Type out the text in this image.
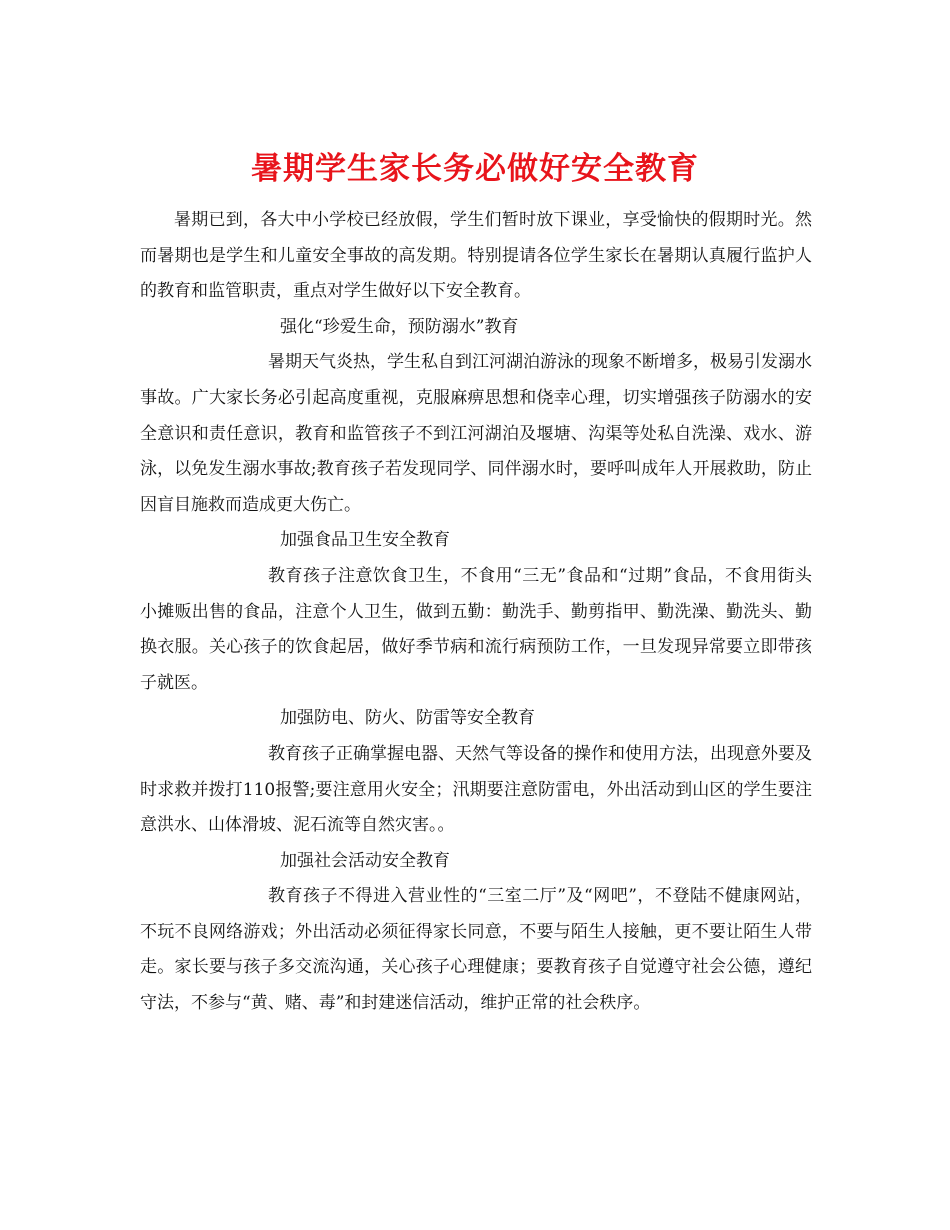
暑期学生家长务必做好安全教育

暑期已到，各大中小学校已经放假，学生们暂时放下课业，享受愉快的假期时光。然而暑期也是学生和儿童安全事故的高发期。特别提请各位学生家长在暑期认真履行监护人的教育和监管职责，重点对学生做好以下安全教育。

强化“珍爱生命，预防溺水”教育

暑期天气炎热，学生私自到江河湖泊游泳的现象不断增多，极易引发溺水事故。广大家长务必引起高度重视，克服麻痹思想和侥幸心理，切实增强孩子防溺水的安全意识和责任意识，教育和监管孩子不到江河湖泊及堰塘、沟渠等处私自洗澡、戏水、游泳，以免发生溺水事故;教育孩子若发现同学、同伴溺水时，要呼叫成年人开展救助，防止因盲目施救而造成更大伤亡。

加强食品卫生安全教育

教育孩子注意饮食卫生，不食用“三无”食品和“过期”食品，不食用街头小摊贩出售的食品，注意个人卫生，做到五勤：勤洗手、勤剪指甲、勤洗澡、勤洗头、勤换衣服。关心孩子的饮食起居，做好季节病和流行病预防工作，一旦发现异常要立即带孩子就医。

加强防电、防火、防雷等安全教育

教育孩子正确掌握电器、天然气等设备的操作和使用方法，出现意外要及时求救并拨打110报警;要注意用火安全；汛期要注意防雷电，外出活动到山区的学生要注意洪水、山体滑坡、泥石流等自然灾害。。

加强社会活动安全教育

教育孩子不得进入营业性的“三室二厅”及“网吧”，不登陆不健康网站，不玩不良网络游戏；外出活动必须征得家长同意，不要与陌生人接触，更不要让陌生人带走。家长要与孩子多交流沟通，关心孩子心理健康；要教育孩子自觉遵守社会公德，遵纪守法，不参与“黄、赌、毒”和封建迷信活动，维护正常的社会秩序。
